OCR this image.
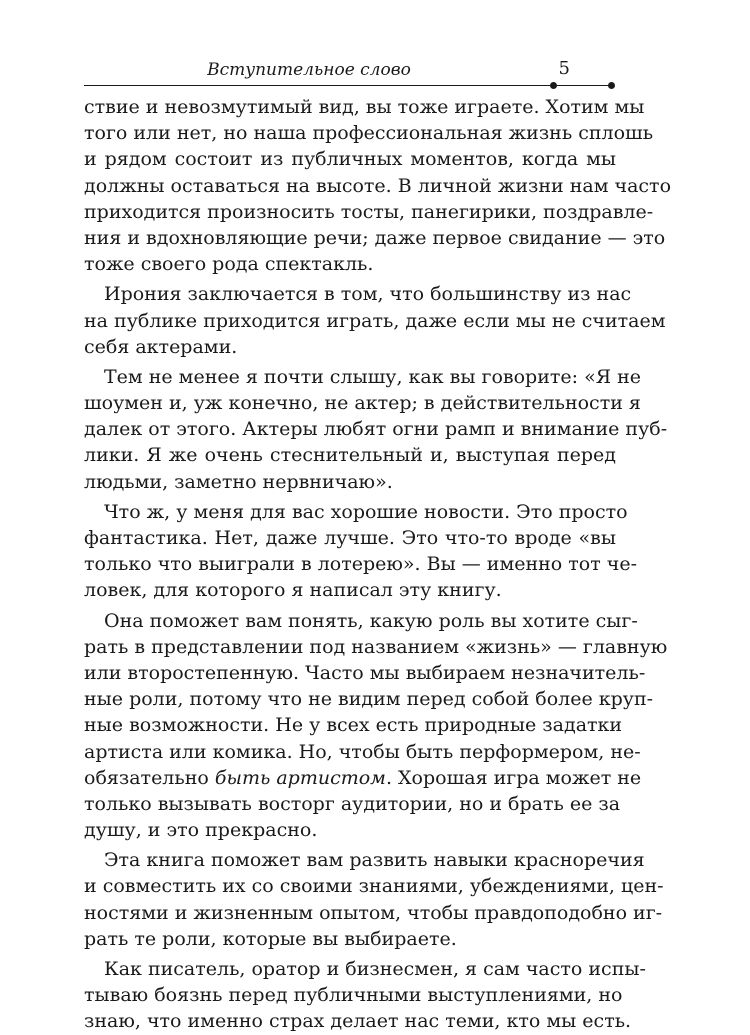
Вступительное слово	5
ствие и невозмутимый вид, вы тоже играете. Хотим мы
того или нет, но наша профессиональная жизнь сплошь
и рядом состоит из публичных моментов, когда мы
должны оставаться на высоте. В личной жизни нам часто
приходится произносить тосты, панегирики, поздравле-
ния и вдохновляющие речи; даже первое свидание — это
тоже своего рода спектакль.
Ирония заключается в том, что большинству из нас
на публике приходится играть, даже если мы не считаем
себя актерами.
Тем не менее я почти слышу, как вы говорите: «Я не
шоумен и, уж конечно, не актер; в действительности я
далек от этого. Актеры любят огни рамп и внимание пуб-
лики. Я же очень стеснительный и, выступая перед
людьми, заметно нервничаю».
Что ж, у меня для вас хорошие новости. Это просто
фантастика. Нет, даже лучше. Это что-то вроде «вы
только что выиграли в лотерею». Вы — именно тот че-
ловек, для которого я написал эту книгу.
Она поможет вам понять, какую роль вы хотите сыг-
рать в представлении под названием «жизнь» — главную
или второстепенную. Часто мы выбираем незначитель-
ные роли, потому что не видим перед собой более круп-
ные возможности. Не у всех есть природные задатки
артиста или комика. Но, чтобы быть перформером, не-
обязательно быть артистом. Хорошая игра может не
только вызывать восторг аудитории, но и брать ее за
душу, и это прекрасно.
Эта книга поможет вам развить навыки красноречия
и совместить их со своими знаниями, убеждениями, цен-
ностями и жизненным опытом, чтобы правдоподобно иг-
рать те роли, которые вы выбираете.
Как писатель, оратор и бизнесмен, я сам часто испы-
тываю боязнь перед публичными выступлениями, но
знаю, что именно страх делает нас теми, кто мы есть.
